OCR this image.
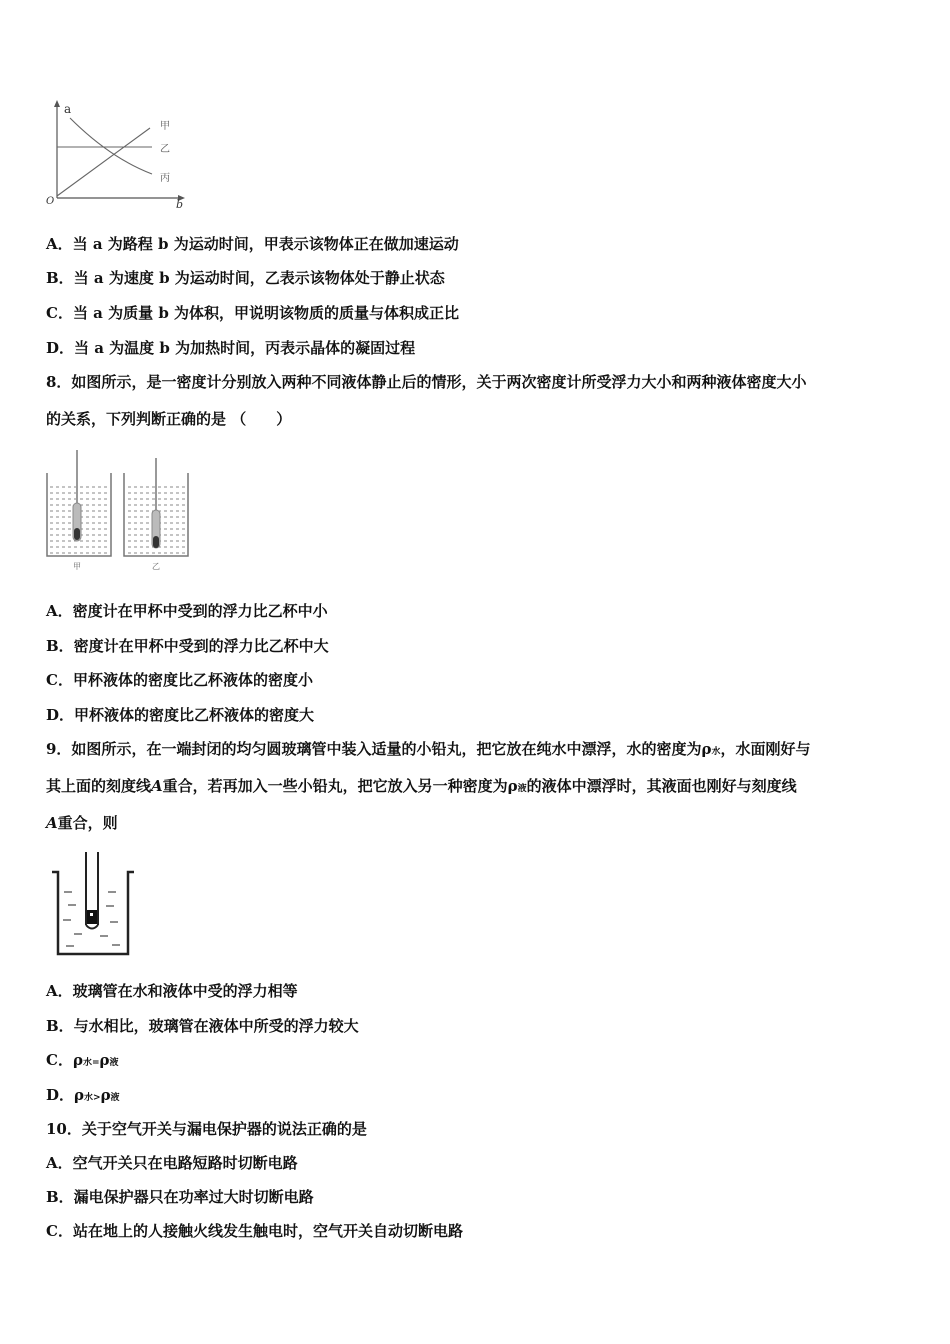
a
b
O
甲
乙
丙
A．当 a 为路程 b 为运动时间，甲表示该物体正在做加速运动
B．当 a 为速度 b 为运动时间，乙表示该物体处于静止状态
C．当 a 为质量 b 为体积，甲说明该物质的质量与体积成正比
D．当 a 为温度 b 为加热时间，丙表示晶体的凝固过程
8．如图所示，是一密度计分别放入两种不同液体静止后的情形，关于两次密度计所受浮力大小和两种液体密度大小
的关系，下列判断正确的是 （　　）
甲	乙
A．密度计在甲杯中受到的浮力比乙杯中小
B．密度计在甲杯中受到的浮力比乙杯中大
C．甲杯液体的密度比乙杯液体的密度小
D．甲杯液体的密度比乙杯液体的密度大
9．如图所示，在一端封闭的均匀圆玻璃管中装入适量的小铅丸，把它放在纯水中漂浮，水的密度为ρ水，水面刚好与
其上面的刻度线A重合，若再加入一些小铅丸，把它放入另一种密度为ρ液的液体中漂浮时，其液面也刚好与刻度线
A重合，则
A．玻璃管在水和液体中受的浮力相等
B．与水相比，玻璃管在液体中所受的浮力较大
C．ρ水=ρ液
D．ρ水>ρ液
10．关于空气开关与漏电保护器的说法正确的是
A．空气开关只在电路短路时切断电路
B．漏电保护器只在功率过大时切断电路
C．站在地上的人接触火线发生触电时，空气开关自动切断电路
